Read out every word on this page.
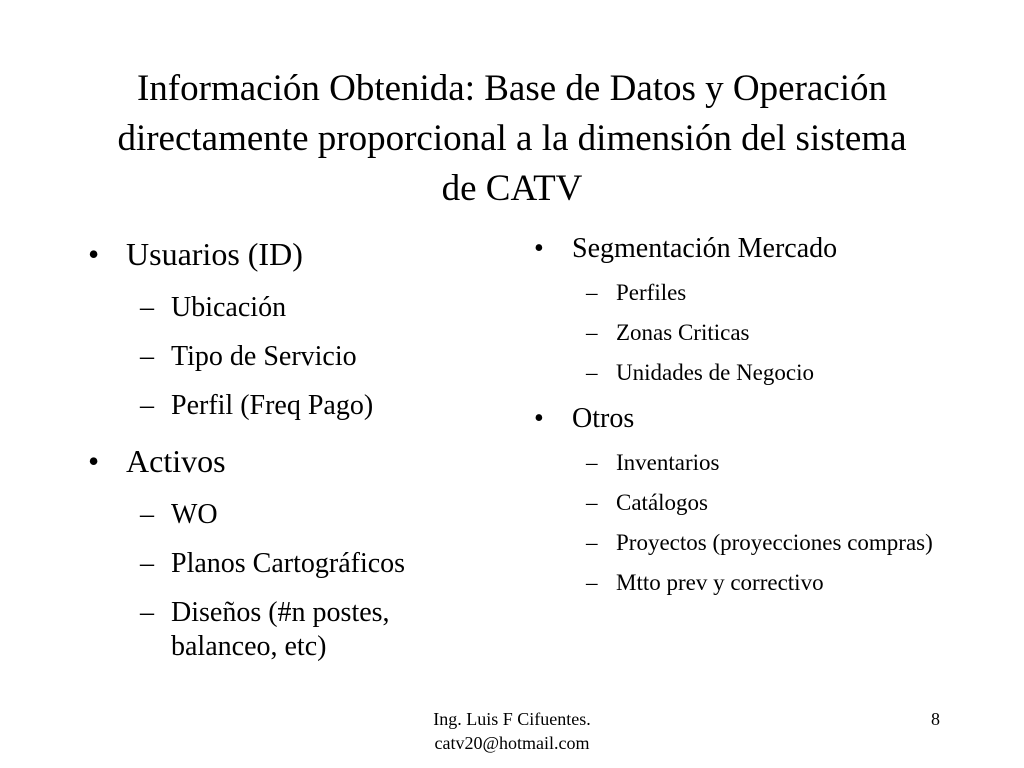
Información Obtenida: Base de Datos y Operación
directamente proporcional a la dimensión del sistema
de CATV
• Usuarios (ID)
– Ubicación
– Tipo de Servicio
– Perfil (Freq Pago)
• Activos
– WO
– Planos Cartográficos
– Diseños (#n postes, balanceo, etc)
• Segmentación Mercado
– Perfiles
– Zonas Criticas
– Unidades de Negocio
• Otros
– Inventarios
– Catálogos
– Proyectos (proyecciones compras)
– Mtto prev y correctivo
Ing. Luis F Cifuentes.
catv20@hotmail.com
8
